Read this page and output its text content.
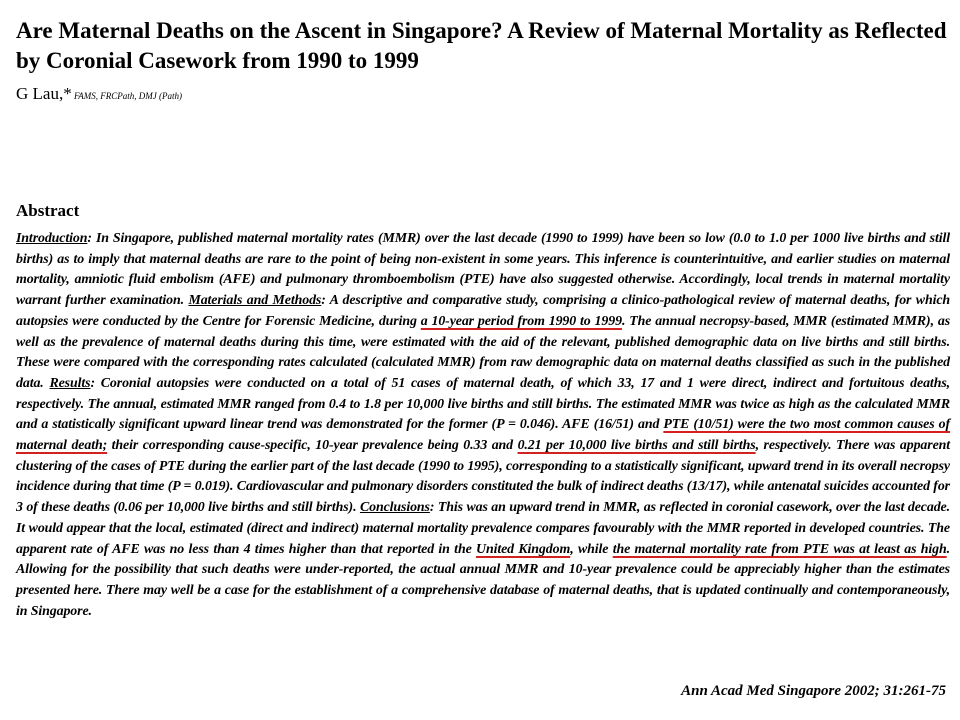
Are Maternal Deaths on the Ascent in Singapore? A Review of Maternal Mortality as Reflected by Coronial Casework from 1990 to 1999
G Lau,* FAMS, FRCPath, DMJ (Path)
Abstract

Introduction: In Singapore, published maternal mortality rates (MMR) over the last decade (1990 to 1999) have been so low (0.0 to 1.0 per 1000 live births and still births) as to imply that maternal deaths are rare to the point of being non-existent in some years. This inference is counterintuitive, and earlier studies on maternal mortality, amniotic fluid embolism (AFE) and pulmonary thromboembolism (PTE) have also suggested otherwise. Accordingly, local trends in maternal mortality warrant further examination. Materials and Methods: A descriptive and comparative study, comprising a clinico-pathological review of maternal deaths, for which autopsies were conducted by the Centre for Forensic Medicine, during a 10-year period from 1990 to 1999. The annual necropsy-based, MMR (estimated MMR), as well as the prevalence of maternal deaths during this time, were estimated with the aid of the relevant, published demographic data on live births and still births. These were compared with the corresponding rates calculated (calculated MMR) from raw demographic data on maternal deaths classified as such in the published data. Results: Coronial autopsies were conducted on a total of 51 cases of maternal death, of which 33, 17 and 1 were direct, indirect and fortuitous deaths, respectively. The annual, estimated MMR ranged from 0.4 to 1.8 per 10,000 live births and still births. The estimated MMR was twice as high as the calculated MMR and a statistically significant upward linear trend was demonstrated for the former (P = 0.046). AFE (16/51) and PTE (10/51) were the two most common causes of maternal death; their corresponding cause-specific, 10-year prevalence being 0.33 and 0.21 per 10,000 live births and still births, respectively. There was apparent clustering of the cases of PTE during the earlier part of the last decade (1990 to 1995), corresponding to a statistically significant, upward trend in its overall necropsy incidence during that time (P = 0.019). Cardiovascular and pulmonary disorders constituted the bulk of indirect deaths (13/17), while antenatal suicides accounted for 3 of these deaths (0.06 per 10,000 live births and still births). Conclusions: This was an upward trend in MMR, as reflected in coronial casework, over the last decade. It would appear that the local, estimated (direct and indirect) maternal mortality prevalence compares favourably with the MMR reported in developed countries. The apparent rate of AFE was no less than 4 times higher than that reported in the United Kingdom, while the maternal mortality rate from PTE was at least as high. Allowing for the possibility that such deaths were under-reported, the actual annual MMR and 10-year prevalence could be appreciably higher than the estimates presented here. There may well be a case for the establishment of a comprehensive database of maternal deaths, that is updated continually and contemporaneously, in Singapore.

Ann Acad Med Singapore 2002; 31:261-75
